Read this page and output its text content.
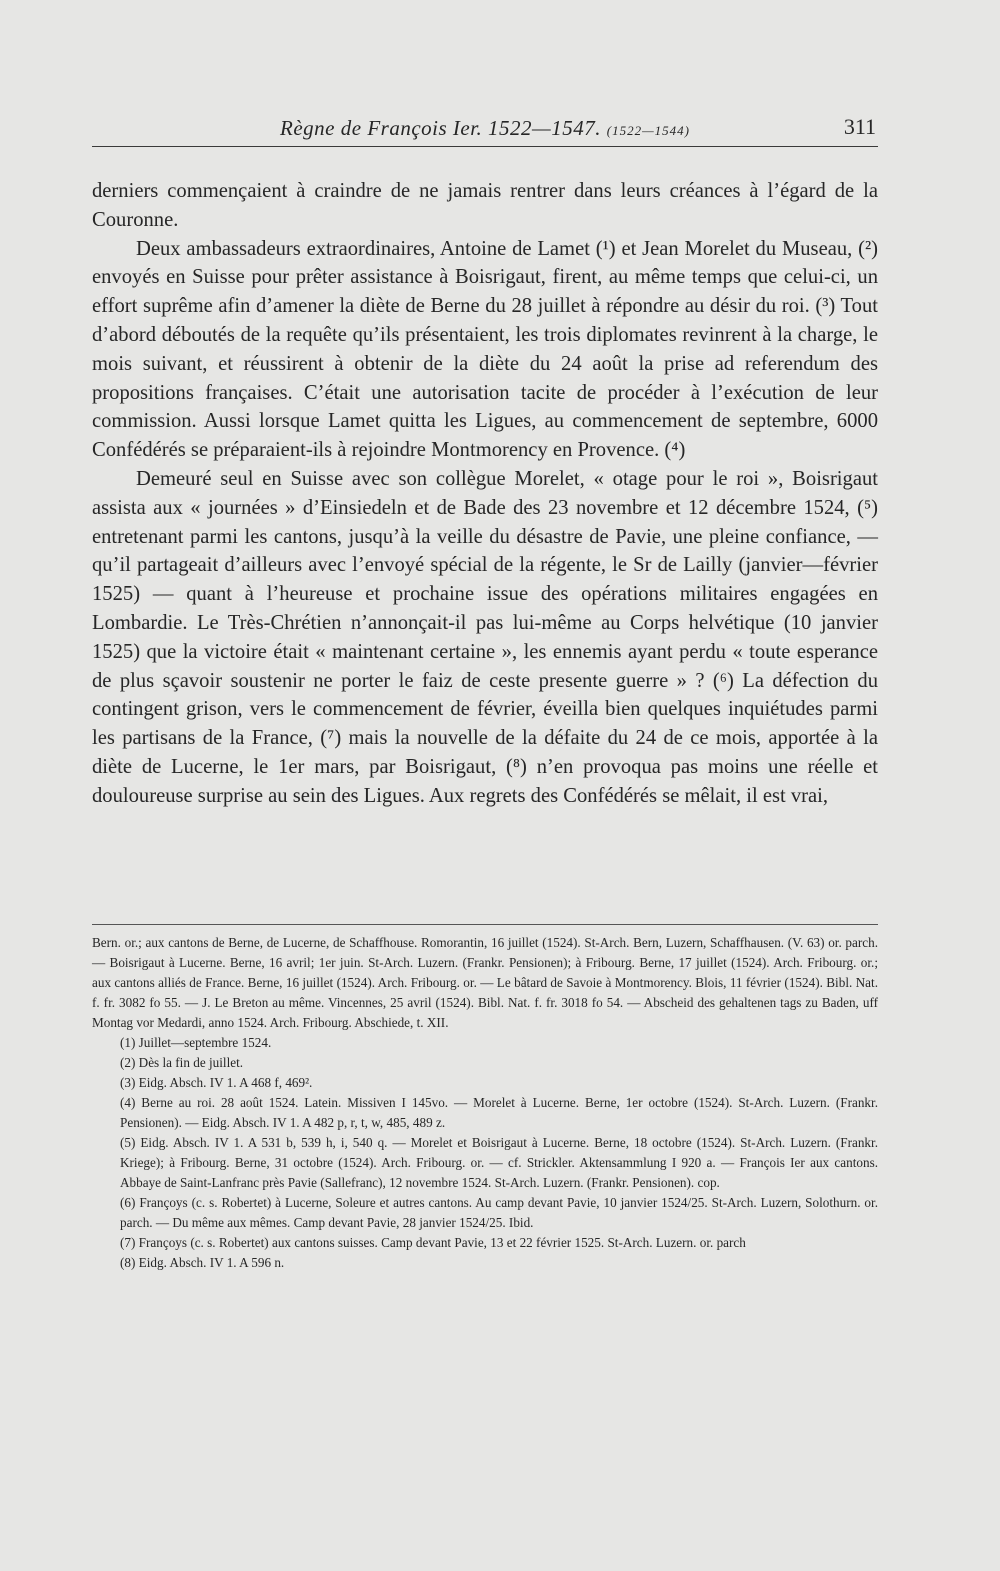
Règne de François Ier. 1522—1547. (1522—1544)	311

derniers commençaient à craindre de ne jamais rentrer dans leurs créances à l’égard de la Couronne.

Deux ambassadeurs extraordinaires, Antoine de Lamet (¹) et Jean Morelet du Museau, (²) envoyés en Suisse pour prêter assistance à Boisrigaut, firent, au même temps que celui-ci, un effort suprême afin d’amener la diète de Berne du 28 juillet à répondre au désir du roi. (³) Tout d’abord déboutés de la requête qu’ils présentaient, les trois diplomates revinrent à la charge, le mois suivant, et réussirent à obtenir de la diète du 24 août la prise ad referendum des propositions françaises. C’était une autorisation tacite de procéder à l’exécution de leur commission. Aussi lorsque Lamet quitta les Ligues, au commencement de septembre, 6000 Confédérés se préparaient-ils à rejoindre Montmorency en Provence. (⁴)

Demeuré seul en Suisse avec son collègue Morelet, « otage pour le roi », Boisrigaut assista aux « journées » d’Einsiedeln et de Bade des 23 novembre et 12 décembre 1524, (⁵) entretenant parmi les cantons, jusqu’à la veille du désastre de Pavie, une pleine confiance, — qu’il partageait d’ailleurs avec l’envoyé spécial de la régente, le Sr de Lailly (janvier—février 1525) — quant à l’heureuse et prochaine issue des opérations militaires engagées en Lombardie. Le Très-Chrétien n’annonçait-il pas lui-même au Corps helvétique (10 janvier 1525) que la victoire était « maintenant certaine », les ennemis ayant perdu « toute esperance de plus sçavoir soustenir ne porter le faiz de ceste presente guerre » ? (⁶) La défection du contingent grison, vers le commencement de février, éveilla bien quelques inquiétudes parmi les partisans de la France, (⁷) mais la nouvelle de la défaite du 24 de ce mois, apportée à la diète de Lucerne, le 1er mars, par Boisrigaut, (⁸) n’en provoqua pas moins une réelle et douloureuse surprise au sein des Ligues. Aux regrets des Confédérés se mêlait, il est vrai,

Bern. or.; aux cantons de Berne, de Lucerne, de Schaffhouse. Romorantin, 16 juillet (1524). St-Arch. Bern, Luzern, Schaffhausen. (V. 63) or. parch. — Boisrigaut à Lucerne. Berne, 16 avril; 1er juin. St-Arch. Luzern. (Frankr. Pensionen); à Fribourg. Berne, 17 juillet (1524). Arch. Fribourg. or.; aux cantons alliés de France. Berne, 16 juillet (1524). Arch. Fribourg. or. — Le bâtard de Savoie à Montmorency. Blois, 11 février (1524). Bibl. Nat. f. fr. 3082 fo 55. — J. Le Breton au même. Vincennes, 25 avril (1524). Bibl. Nat. f. fr. 3018 fo 54. — Abscheid des gehaltenen tags zu Baden, uff Montag vor Medardi, anno 1524. Arch. Fribourg. Abschiede, t. XII.

(1) Juillet—septembre 1524.

(2) Dès la fin de juillet.

(3) Eidg. Absch. IV 1. A 468 f, 469².

(4) Berne au roi. 28 août 1524. Latein. Missiven I 145vo. — Morelet à Lucerne. Berne, 1er octobre (1524). St-Arch. Luzern. (Frankr. Pensionen). — Eidg. Absch. IV 1. A 482 p, r, t, w, 485, 489 z.

(5) Eidg. Absch. IV 1. A 531 b, 539 h, i, 540 q. — Morelet et Boisrigaut à Lucerne. Berne, 18 octobre (1524). St-Arch. Luzern. (Frankr. Kriege); à Fribourg. Berne, 31 octobre (1524). Arch. Fribourg. or. — cf. Strickler. Aktensammlung I 920 a. — François Ier aux cantons. Abbaye de Saint-Lanfranc près Pavie (Sallefranc), 12 novembre 1524. St-Arch. Luzern. (Frankr. Pensionen). cop.

(6) Françoys (c. s. Robertet) à Lucerne, Soleure et autres cantons. Au camp devant Pavie, 10 janvier 1524/25. St-Arch. Luzern, Solothurn. or. parch. — Du même aux mêmes. Camp devant Pavie, 28 janvier 1524/25. Ibid.

(7) Françoys (c. s. Robertet) aux cantons suisses. Camp devant Pavie, 13 et 22 février 1525. St-Arch. Luzern. or. parch

(8) Eidg. Absch. IV 1. A 596 n.
